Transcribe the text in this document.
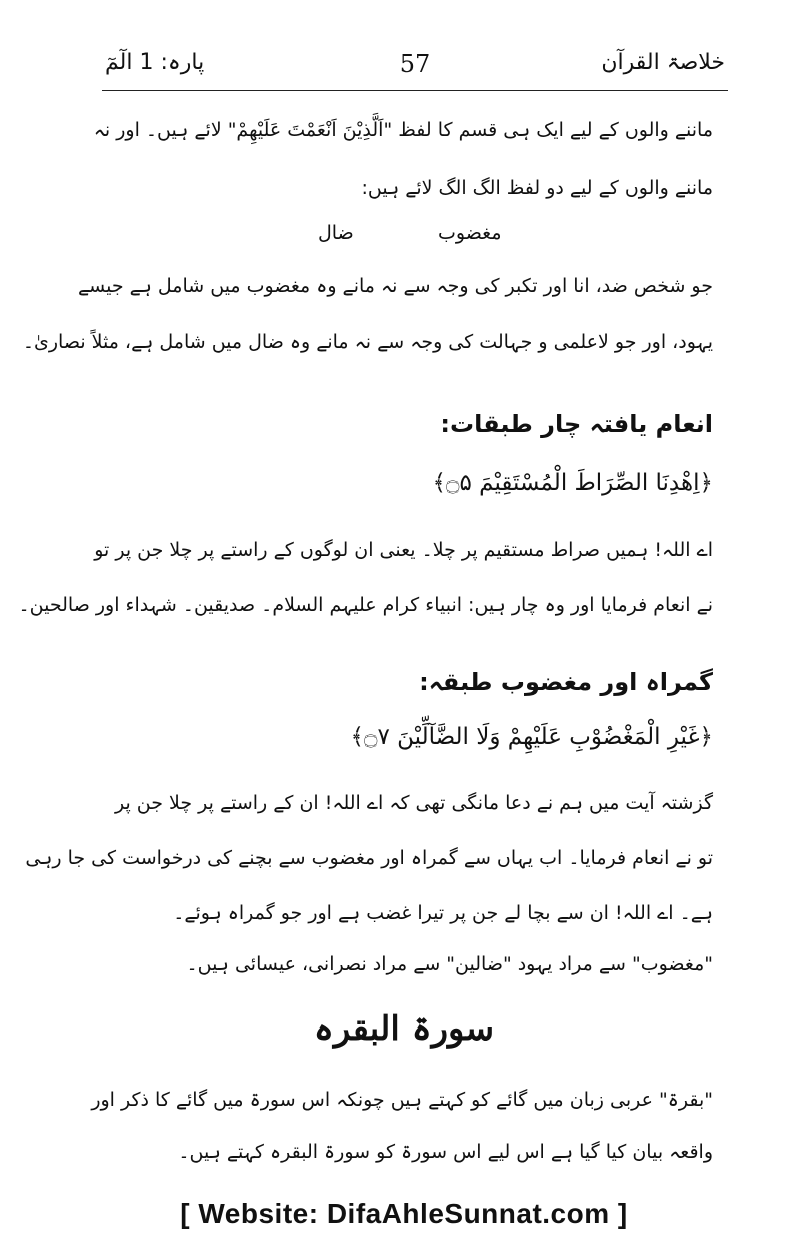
خلاصۃ القرآن
57
پارہ: 1 الٓمٓ
ماننے والوں کے لیے ایک ہی قسم کا لفظ "اَلَّذِیْنَ اَنْعَمْتَ عَلَیْهِمْ" لائے ہیں۔ اور نہ
ماننے والوں کے لیے دو لفظ الگ الگ لائے ہیں:
مغضوب
ضال
جو شخص ضد، انا اور تکبر کی وجہ سے نہ مانے وہ مغضوب میں شامل ہے جیسے
یہود، اور جو لاعلمی و جہالت کی وجہ سے نہ مانے وہ ضال میں شامل ہے، مثلاً نصاریٰ۔
انعام یافتہ چار طبقات:
﴿اِهْدِنَا الصِّرَاطَ الْمُسْتَقِیْمَ ۝۵﴾
اے اللہ! ہمیں صراط مستقیم پر چلا۔ یعنی ان لوگوں کے راستے پر چلا جن پر تو
نے انعام فرمایا اور وہ چار ہیں: انبیاء کرام علیہم السلام۔ صدیقین۔ شہداء اور صالحین۔
گمراہ اور مغضوب طبقہ:
﴿غَیْرِ الْمَغْضُوْبِ عَلَیْهِمْ وَلَا الضَّآلِّیْنَ ۝۷﴾
گزشتہ آیت میں ہم نے دعا مانگی تھی کہ اے اللہ! ان کے راستے پر چلا جن پر
تو نے انعام فرمایا۔ اب یہاں سے گمراہ اور مغضوب سے بچنے کی درخواست کی جا رہی
ہے۔ اے اللہ! ان سے بچا لے جن پر تیرا غضب ہے اور جو گمراہ ہوئے۔
"مغضوب" سے مراد یہود "ضالین" سے مراد نصرانی، عیسائی ہیں۔
سورۃ البقرہ
"بقرۃ" عربی زبان میں گائے کو کہتے ہیں چونکہ اس سورۃ میں گائے کا ذکر اور
واقعہ بیان کیا گیا ہے اس لیے اس سورۃ کو سورۃ البقرہ کہتے ہیں۔
[ Website: DifaAhleSunnat.com ]
